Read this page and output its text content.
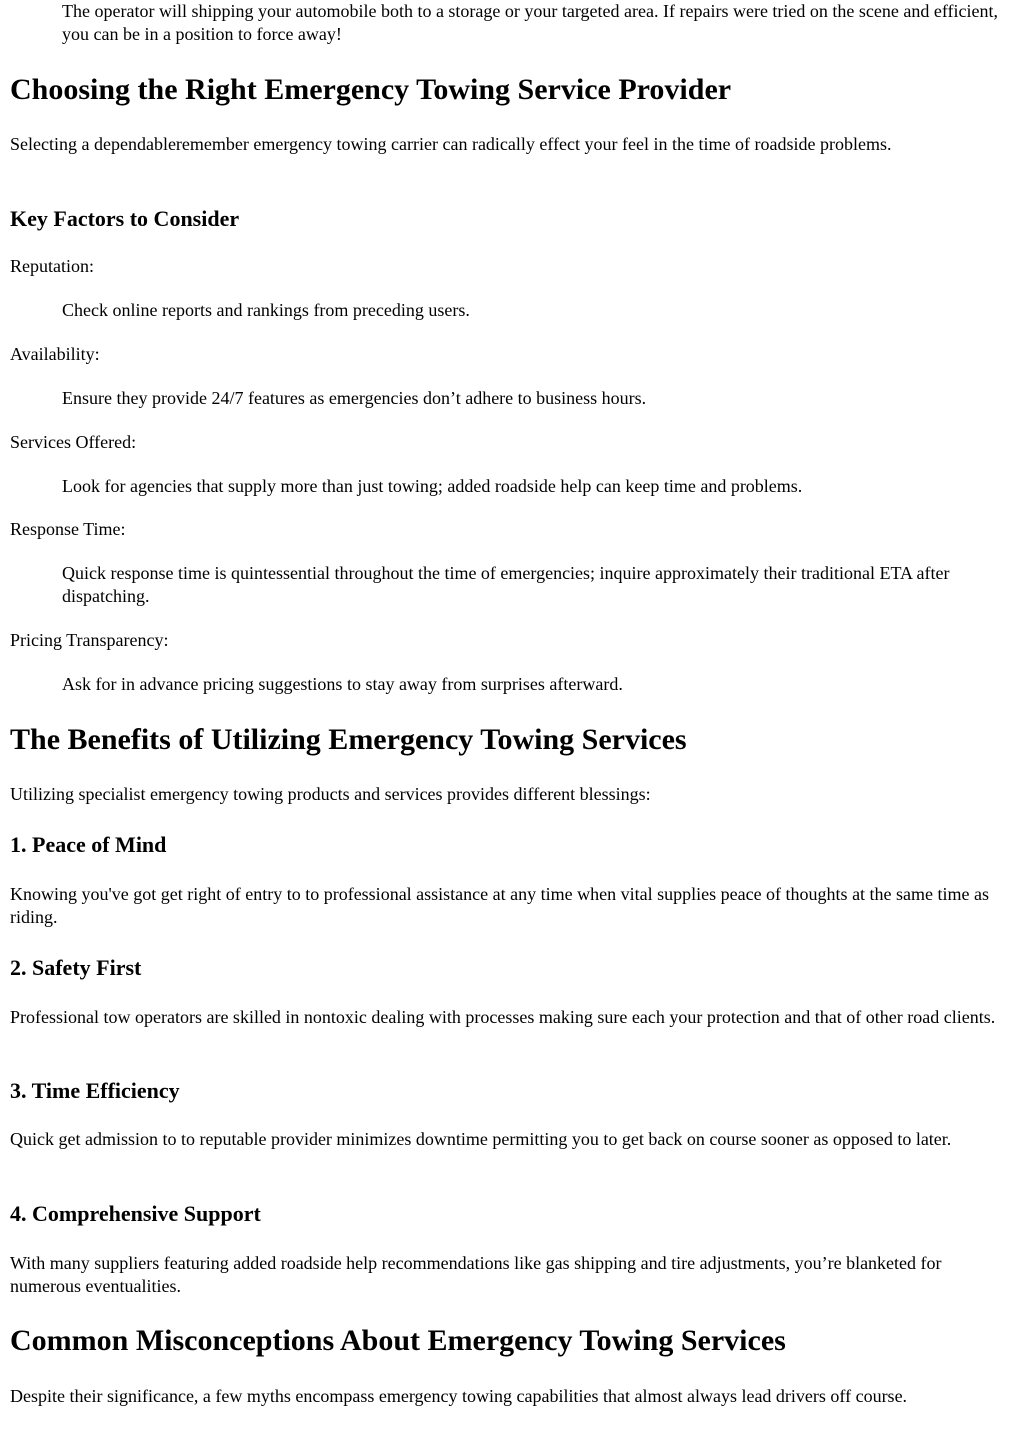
The operator will shipping your automobile both to a storage or your targeted area. If repairs were tried on the scene and efficient, you can be in a position to force away!

Choosing the Right Emergency Towing Service Provider

Selecting a dependableremember emergency towing carrier can radically effect your feel in the time of roadside problems.

Key Factors to Consider

Reputation:

Check online reports and rankings from preceding users.

Availability:

Ensure they provide 24/7 features as emergencies don’t adhere to business hours.

Services Offered:

Look for agencies that supply more than just towing; added roadside help can keep time and problems.

Response Time:

Quick response time is quintessential throughout the time of emergencies; inquire approximately their traditional ETA after dispatching.

Pricing Transparency:

Ask for in advance pricing suggestions to stay away from surprises afterward.

The Benefits of Utilizing Emergency Towing Services

Utilizing specialist emergency towing products and services provides different blessings:

1. Peace of Mind

Knowing you've got get right of entry to to professional assistance at any time when vital supplies peace of thoughts at the same time as riding.

2. Safety First

Professional tow operators are skilled in nontoxic dealing with processes making sure each your protection and that of other road clients.

3. Time Efficiency

Quick get admission to to reputable provider minimizes downtime permitting you to get back on course sooner as opposed to later.

4. Comprehensive Support

With many suppliers featuring added roadside help recommendations like gas shipping and tire adjustments, you’re blanketed for numerous eventualities.

Common Misconceptions About Emergency Towing Services

Despite their significance, a few myths encompass emergency towing capabilities that almost always lead drivers off course.
